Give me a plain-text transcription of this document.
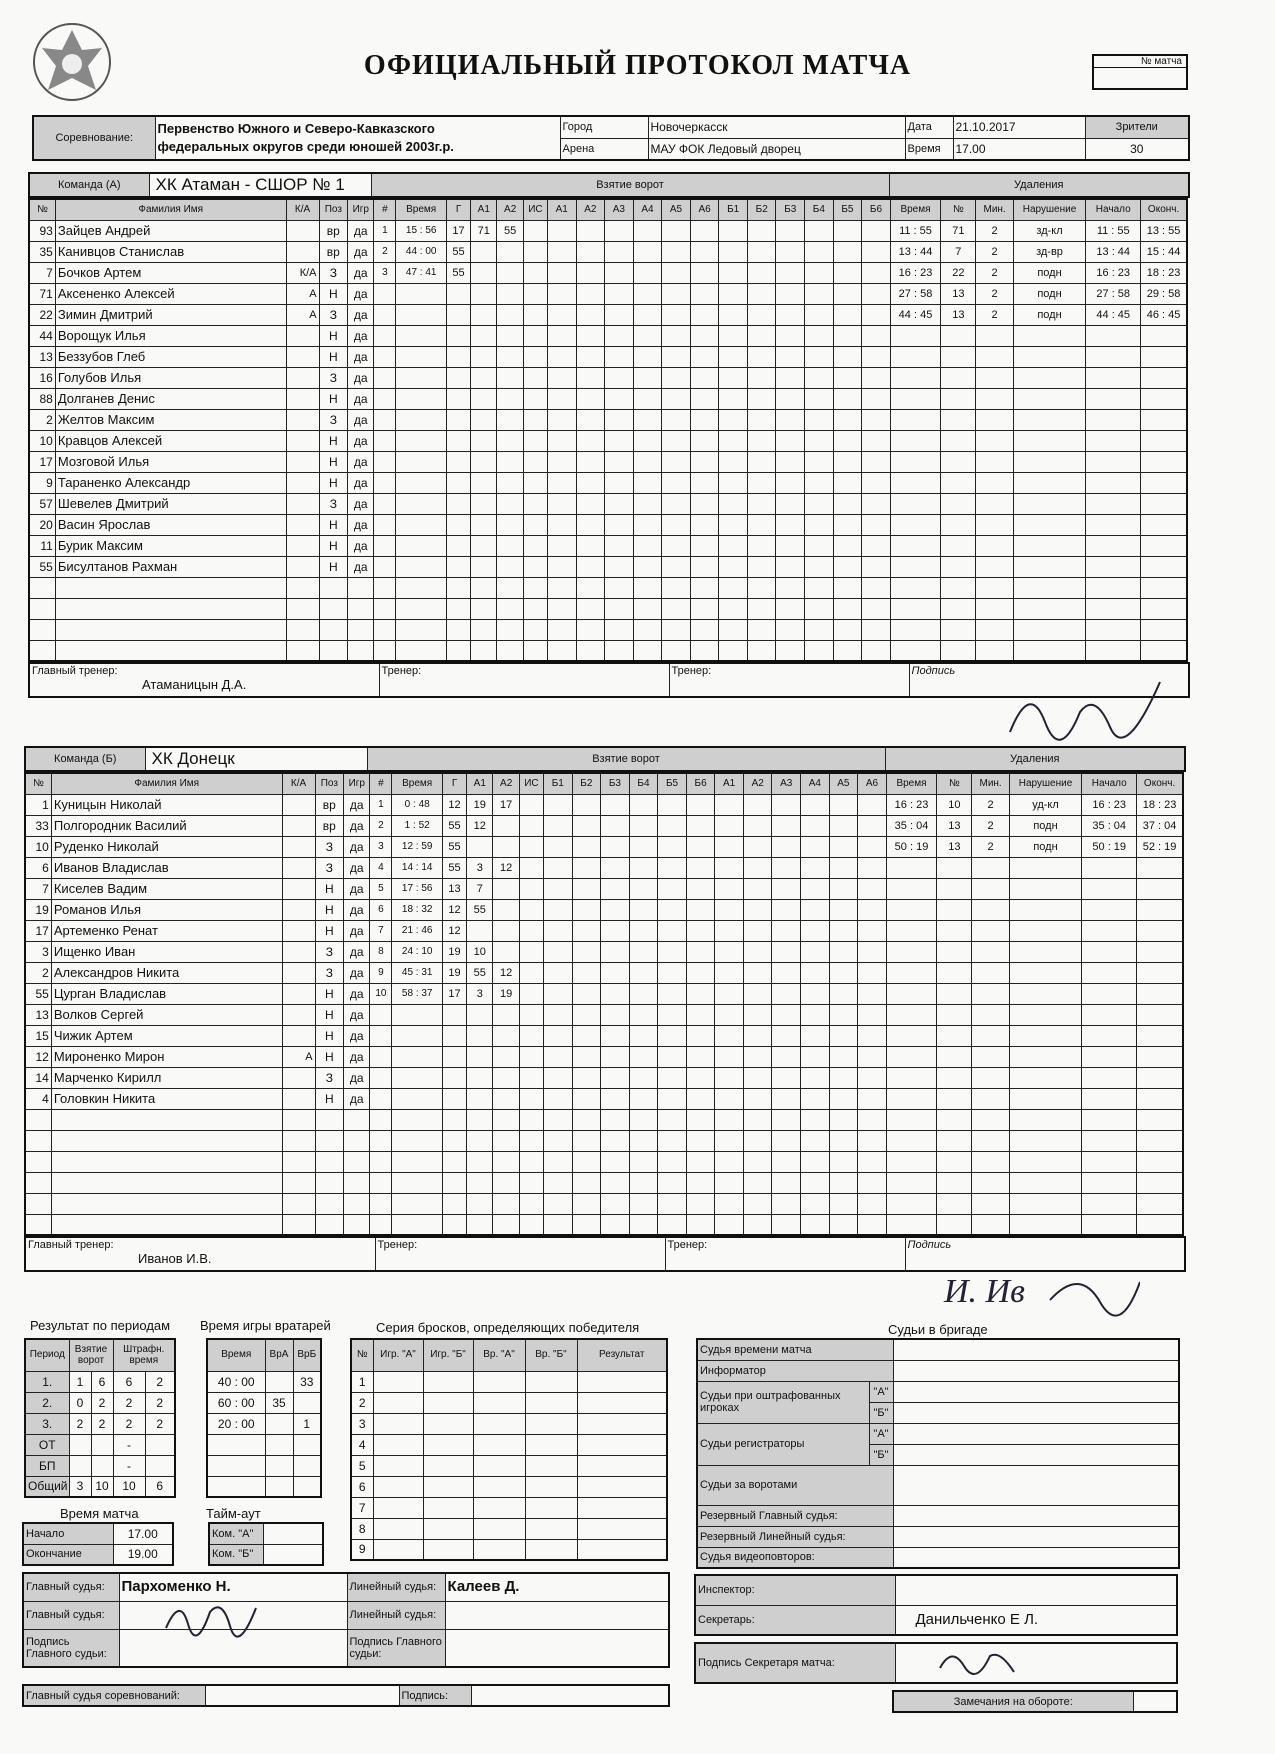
ОФИЦИАЛЬНЫЙ ПРОТОКОЛ МАТЧА	№ матча
Соревнование:	Первенство Южного и Северо-Кавказского
федеральных округов среди юношей 2003г.р.	Город	Новочеркасск	Дата	21.10.2017	Зрители
		Арена	МАУ ФОК Ледовый дворец	Время	17.00	30
Команда (А)	ХК Атаман - СШОР № 1	Взятие ворот	Удаления
№	Фамилия Имя	К/А	Поз	Игр	#	Время	Г	А1	А2	ИС	А1	А2	А3	А4	А5	А6	Б1	Б2	Б3	Б4	Б5	Б6	Время	№	Мин.	Нарушение	Начало	Оконч.
93	Зайцев Андрей		вр	да	1	15 : 56	17	71	55														11 : 55	71	2	зд-кл	11 : 55	13 : 55
35	Канивцов Станислав		вр	да	2	44 : 00	55																13 : 44	7	2	зд-вр	13 : 44	15 : 44
7	Бочков Артем	К/А	З	да	3	47 : 41	55																16 : 23	22	2	подн	16 : 23	18 : 23
71	Аксененко Алексей	А	Н	да																			27 : 58	13	2	подн	27 : 58	29 : 58
22	Зимин Дмитрий	А	З	да																			44 : 45	13	2	подн	44 : 45	46 : 45
44	Ворощук Илья		Н	да																								
13	Беззубов Глеб		Н	да																								
16	Голубов Илья		З	да																								
88	Долганев Денис		Н	да																								
2	Желтов Максим		З	да																								
10	Кравцов Алексей		Н	да																								
17	Мозговой Илья		Н	да																								
9	Тараненко Александр		Н	да																								
57	Шевелев Дмитрий		З	да																								
20	Васин Ярослав		Н	да																								
11	Бурик Максим		Н	да																								
55	Бисултанов Рахман		Н	да																								

Главный тренер:
Атаманицын Д.А.
	Тренер:	Тренер:	Подпись
Команда (Б)	ХК Донецк	Взятие ворот	Удаления
№	Фамилия Имя	К/А	Поз	Игр	#	Время	Г	А1	А2	ИС	Б1	Б2	Б3	Б4	Б5	Б6	А1	А2	А3	А4	А5	А6	Время	№	Мин.	Нарушение	Начало	Оконч.
1	Куницын Николай		вр	да	1	0 : 48	12	19	17														16 : 23	10	2	уд-кл	16 : 23	18 : 23
33	Полгородник Василий		вр	да	2	1 : 52	55	12															35 : 04	13	2	подн	35 : 04	37 : 04
10	Руденко Николай		З	да	3	12 : 59	55																50 : 19	13	2	подн	50 : 19	52 : 19
6	Иванов Владислав		З	да	4	14 : 14	55	3	12																			
7	Киселев Вадим		Н	да	5	17 : 56	13	7																				
19	Романов Илья		Н	да	6	18 : 32	12	55																				
17	Артеменко Ренат		Н	да	7	21 : 46	12																					
3	Ищенко Иван		З	да	8	24 : 10	19	10																				
2	Александров Никита		З	да	9	45 : 31	19	55	12																			
55	Цурган Владислав		Н	да	10	58 : 37	17	3	19																			
13	Волков Сергей		Н	да																								
15	Чижик Артем		Н	да																								
12	Мироненко Мирон	А	Н	да																								
14	Марченко Кирилл		З	да																								
4	Головкин Никита		Н	да																								

Главный тренер:
Иванов И.В.
	Тренер:	Тренер:	Подпись
И. Ив
Результат по периодам
Период	Взятие ворот		Штрафн. время	
1.	1	6	6	2
2.	0	2	2	2
3.	2	2	2	2
ОТ			-	
БП			-	
Общий	3	10	10	6
Время игры вратарей
Время	ВрА	ВрБ
40 : 00		33
60 : 00	35	
20 : 00		1

Серия бросков, определяющих победителя
№	Игр. "А"	Игр. "Б"	Вр. "А"	Вр. "Б"	Результат
1					
2					
3					
4					
5					
6					
7					
8					
9					
Время матча
Начало	17.00
Окончание	19.00
Тайм-аут
Ком. "А"	
Ком. "Б"	
Судьи в бригаде
Судья времени матча		
Информатор		
Судьи при оштрафованных игроках	"А"	
	"Б"	
Судьи регистраторы	"А"	
	"Б"	
Судьи за воротами		
Резервный Главный судья:		
Резервный Линейный судья:		
Судья видеоповторов:		
Главный судья:	Пархоменко Н.	Линейный судья:	Калеев Д.
Главный судья:		Линейный судья:	
Подпись Главного судьи:		Подпись Главного судьи:	
Главный судья соревнований:		Подпись:	
Инспектор:	
Секретарь:	Данильченко Е Л.
Подпись Секретаря матча:	
Замечания на обороте:	
